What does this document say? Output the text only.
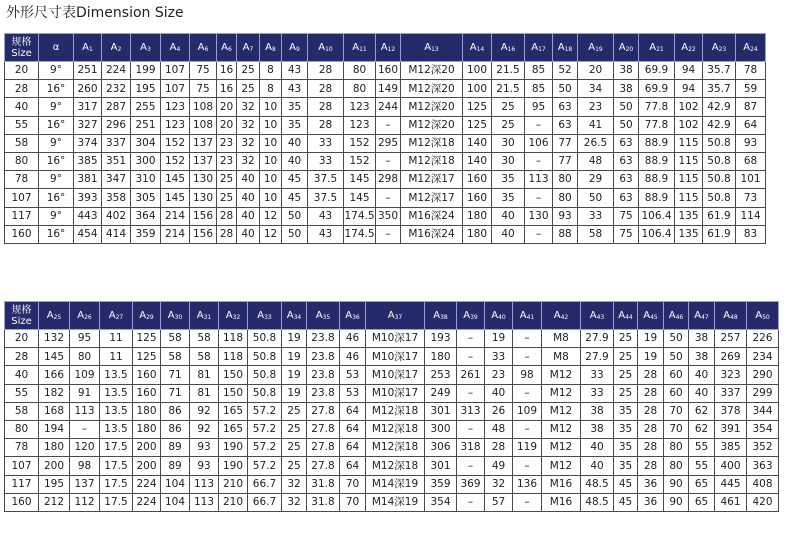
外形尺寸表Dimension Size
规格
Size	α	$A_1$	$A_2$	$A_3$	$A_4$	$A_6$	$A_6$	$A_7$	$A_8$	$A_9$	$A_{10}$	$A_{11}$	$A_{12}$	$A_{13}$	$A_{14}$	$A_{16}$	$A_{17}$	$A_{18}$	$A_{19}$	$A_{20}$	$A_{21}$	$A_{22}$	$A_{23}$	$A_{24}$
20	9°	251	224	199	107	75	16	25	8	43	28	80	160	M12深20	100	21.5	85	52	20	38	69.9	94	35.7	78
28	16°	260	232	195	107	75	16	25	8	43	28	80	149	M12深20	100	21.5	85	50	34	38	69.9	94	35.7	59
40	9°	317	287	255	123	108	20	32	10	35	28	123	244	M12深20	125	25	95	63	23	50	77.8	102	42.9	87
55	16°	327	296	251	123	108	20	32	10	35	28	123	–	M12深20	125	25	–	63	41	50	77.8	102	42.9	64
58	9°	374	337	304	152	137	23	32	10	40	33	152	295	M12深18	140	30	106	77	26.5	63	88.9	115	50.8	93
80	16°	385	351	300	152	137	23	32	10	40	33	152	–	M12深18	140	30	–	77	48	63	88.9	115	50.8	68
78	9°	381	347	310	145	130	25	40	10	45	37.5	145	298	M12深17	160	35	113	80	29	63	88.9	115	50.8	101
107	16°	393	358	305	145	130	25	40	10	45	37.5	145	–	M12深17	160	35	–	80	50	63	88.9	115	50.8	73
117	9°	443	402	364	214	156	28	40	12	50	43	174.5	350	M16深24	180	40	130	93	33	75	106.4	135	61.9	114
160	16°	454	414	359	214	156	28	40	12	50	43	174.5	–	M16深24	180	40	–	88	58	75	106.4	135	61.9	83
规格
Size	$A_{25}$	$A_{26}$	$A_{27}$	$A_{29}$	$A_{30}$	$A_{31}$	$A_{32}$	$A_{33}$	$A_{34}$	$A_{35}$	$A_{36}$	$A_{37}$	$A_{38}$	$A_{39}$	$A_{40}$	$A_{41}$	$A_{42}$	$A_{43}$	$A_{44}$	$A_{45}$	$A_{46}$	$A_{47}$	$A_{48}$	$A_{50}$
20	132	95	11	125	58	58	118	50.8	19	23.8	46	M10深17	193	–	19	–	M8	27.9	25	19	50	38	257	226
28	145	80	11	125	58	58	118	50.8	19	23.8	46	M10深17	180	–	33	–	M8	27.9	25	19	50	38	269	234
40	166	109	13.5	160	71	81	150	50.8	19	23.8	53	M10深17	253	261	23	98	M12	33	25	28	60	40	323	290
55	182	91	13.5	160	71	81	150	50.8	19	23.8	53	M10深17	249	–	40	–	M12	33	25	28	60	40	337	299
58	168	113	13.5	180	86	92	165	57.2	25	27.8	64	M12深18	301	313	26	109	M12	38	35	28	70	62	378	344
80	194	–	13.5	180	86	92	165	57.2	25	27.8	64	M12深18	300	–	48	–	M12	38	35	28	70	62	391	354
78	180	120	17.5	200	89	93	190	57.2	25	27.8	64	M12深18	306	318	28	119	M12	40	35	28	80	55	385	352
107	200	98	17.5	200	89	93	190	57.2	25	27.8	64	M12深18	301	–	49	–	M12	40	35	28	80	55	400	363
117	195	137	17.5	224	104	113	210	66.7	32	31.8	70	M14深19	359	369	32	136	M16	48.5	45	36	90	65	445	408
160	212	112	17.5	224	104	113	210	66.7	32	31.8	70	M14深19	354	–	57	–	M16	48.5	45	36	90	65	461	420
